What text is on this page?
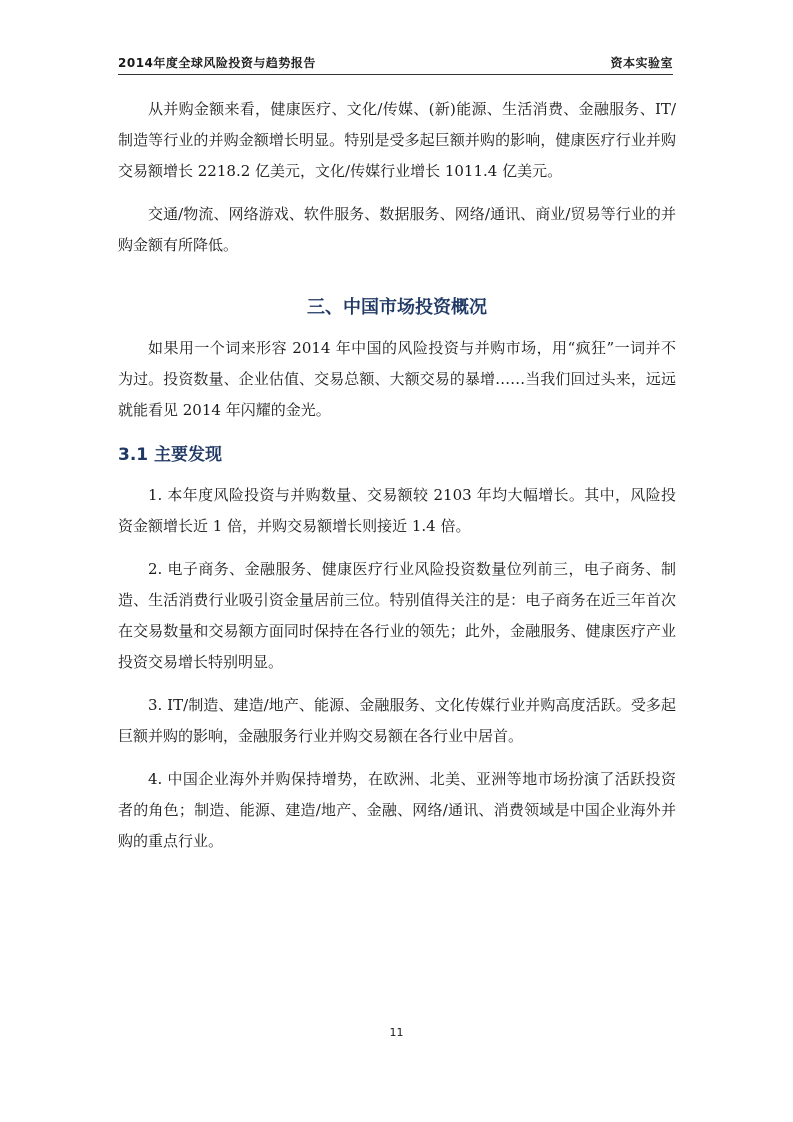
2014年度全球风险投资与趋势报告	资本实验室

从并购金额来看，健康医疗、文化/传媒、(新)能源、生活消费、金融服务、IT/制造等行业的并购金额增长明显。特别是受多起巨额并购的影响，健康医疗行业并购交易额增长 2218.2 亿美元，文化/传媒行业增长 1011.4 亿美元。

交通/物流、网络游戏、软件服务、数据服务、网络/通讯、商业/贸易等行业的并购金额有所降低。

三、中国市场投资概况

如果用一个词来形容 2014 年中国的风险投资与并购市场，用“疯狂”一词并不为过。投资数量、企业估值、交易总额、大额交易的暴增……当我们回过头来，远远就能看见 2014 年闪耀的金光。

3.1 主要发现

1. 本年度风险投资与并购数量、交易额较 2103 年均大幅增长。其中，风险投资金额增长近 1 倍，并购交易额增长则接近 1.4 倍。

2. 电子商务、金融服务、健康医疗行业风险投资数量位列前三，电子商务、制造、生活消费行业吸引资金量居前三位。特别值得关注的是：电子商务在近三年首次在交易数量和交易额方面同时保持在各行业的领先；此外，金融服务、健康医疗产业投资交易增长特别明显。

3. IT/制造、建造/地产、能源、金融服务、文化传媒行业并购高度活跃。受多起巨额并购的影响，金融服务行业并购交易额在各行业中居首。

4. 中国企业海外并购保持增势，在欧洲、北美、亚洲等地市场扮演了活跃投资者的角色；制造、能源、建造/地产、金融、网络/通讯、消费领域是中国企业海外并购的重点行业。

11
